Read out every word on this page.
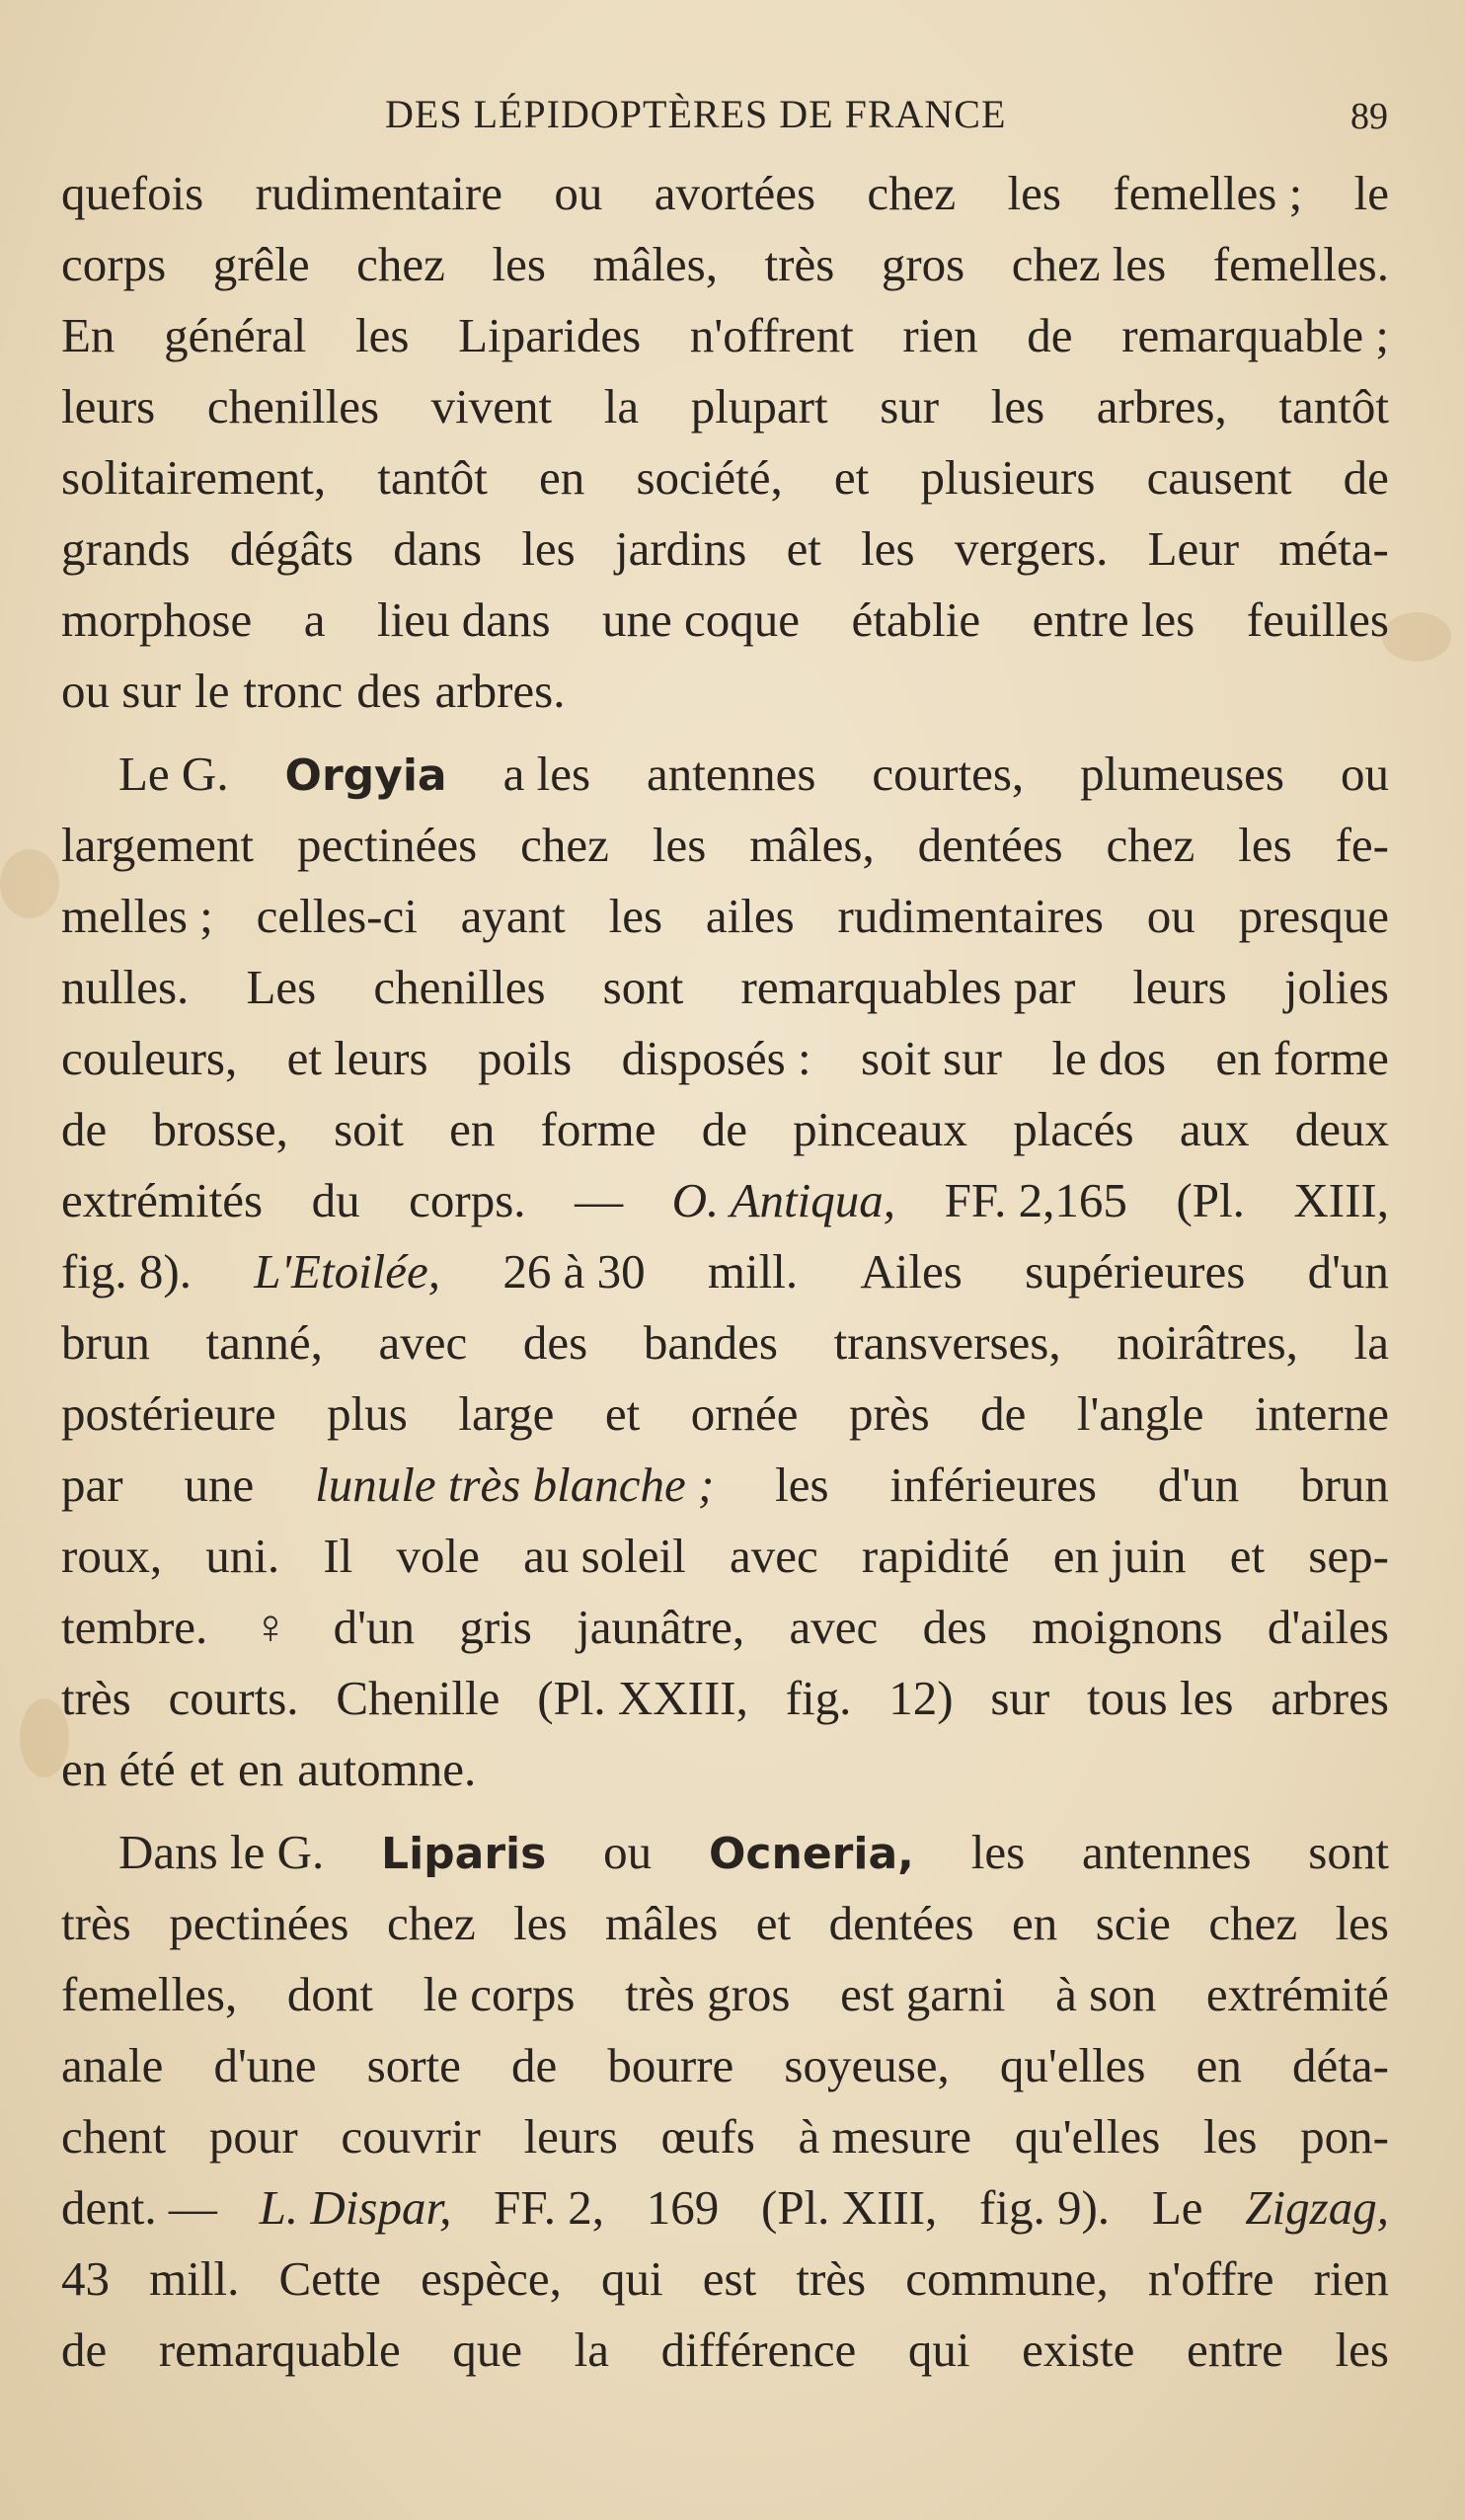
DES LÉPIDOPTÈRES DE FRANCE	89
quefois rudimentaire ou avortées chez les femelles ; le
corps grêle chez les mâles, très gros chez les femelles.
En général les Liparides n'offrent rien de remarquable ;
leurs chenilles vivent la plupart sur les arbres, tantôt
solitairement, tantôt en société, et plusieurs causent de
grands dégâts dans les jardins et les vergers. Leur méta-
morphose a lieu dans une coque établie entre les feuilles
ou sur le tronc des arbres.
Le G. Orgyia a les antennes courtes, plumeuses ou
largement pectinées chez les mâles, dentées chez les fe-
melles ; celles-ci ayant les ailes rudimentaires ou presque
nulles. Les chenilles sont remarquables par leurs jolies
couleurs, et leurs poils disposés : soit sur le dos en forme
de brosse, soit en forme de pinceaux placés aux deux
extrémités du corps. — O. Antiqua, FF. 2,165 (Pl. XIII,
fig. 8). L'Etoilée, 26 à 30 mill. Ailes supérieures d'un
brun tanné, avec des bandes transverses, noirâtres, la
postérieure plus large et ornée près de l'angle interne
par une lunule très blanche ; les inférieures d'un brun
roux, uni. Il vole au soleil avec rapidité en juin et sep-
tembre. ♀ d'un gris jaunâtre, avec des moignons d'ailes
très courts. Chenille (Pl. XXIII, fig. 12) sur tous les arbres
en été et en automne.
Dans le G. Liparis ou Ocneria, les antennes sont
très pectinées chez les mâles et dentées en scie chez les
femelles, dont le corps très gros est garni à son extrémité
anale d'une sorte de bourre soyeuse, qu'elles en déta-
chent pour couvrir leurs œufs à mesure qu'elles les pon-
dent. — L. Dispar, FF. 2, 169 (Pl. XIII, fig. 9). Le Zigzag,
43 mill. Cette espèce, qui est très commune, n'offre rien
de remarquable que la différence qui existe entre les
